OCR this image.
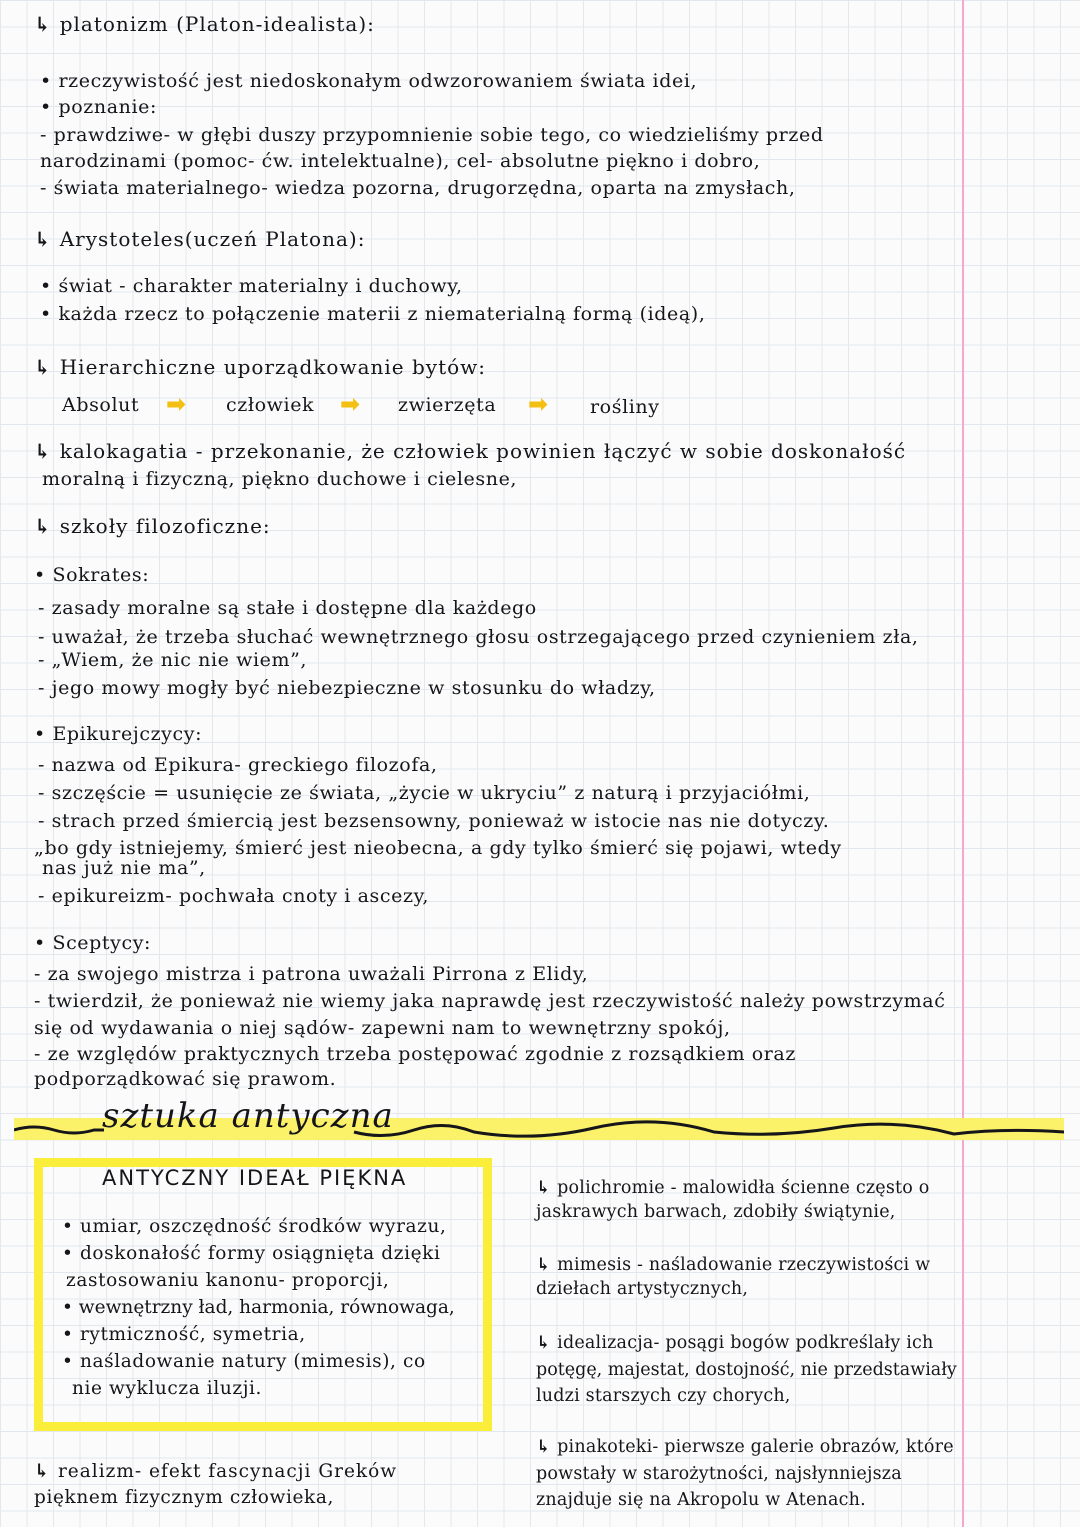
↳ platonizm (Platon-idealista):
• rzeczywistość jest niedoskonałym odwzorowaniem świata idei,
• poznanie:
- prawdziwe- w głębi duszy przypomnienie sobie tego, co wiedzieliśmy przed
narodzinami (pomoc- ćw. intelektualne), cel- absolutne piękno i dobro,
- świata materialnego- wiedza pozorna, drugorzędna, oparta na zmysłach,
↳ Arystoteles(uczeń Platona):
• świat - charakter materialny i duchowy,
• każda rzecz to połączenie materii z niematerialną formą (ideą),
↳ Hierarchiczne uporządkowanie bytów:
Absolut ➡ człowiek ➡ zwierzęta ➡ rośliny
↳ kalokagatia - przekonanie, że człowiek powinien łączyć w sobie doskonałość
moralną i fizyczną, piękno duchowe i cielesne,
↳ szkoły filozoficzne:
• Sokrates:
- zasady moralne są stałe i dostępne dla każdego
- uważał, że trzeba słuchać wewnętrznego głosu ostrzegającego przed czynieniem zła,
- „Wiem, że nic nie wiem”,
- jego mowy mogły być niebezpieczne w stosunku do władzy,
• Epikurejczycy:
- nazwa od Epikura- greckiego filozofa,
- szczęście = usunięcie ze świata, „życie w ukryciu” z naturą i przyjaciółmi,
- strach przed śmiercią jest bezsensowny, ponieważ w istocie nas nie dotyczy.
„bo gdy istniejemy, śmierć jest nieobecna, a gdy tylko śmierć się pojawi, wtedy
nas już nie ma”,
- epikureizm- pochwała cnoty i ascezy,
• Sceptycy:
- za swojego mistrza i patrona uważali Pirrona z Elidy,
- twierdził, że ponieważ nie wiemy jaka naprawdę jest rzeczywistość należy powstrzymać
się od wydawania o niej sądów- zapewni nam to wewnętrzny spokój,
- ze względów praktycznych trzeba postępować zgodnie z rozsądkiem oraz
podporządkować się prawom.
sztuka antyczna
ANTYCZNY IDEAŁ PIĘKNA
• umiar, oszczędność środków wyrazu,
• doskonałość formy osiągnięta dzięki
zastosowaniu kanonu- proporcji,
• wewnętrzny ład, harmonia, równowaga,
• rytmiczność, symetria,
• naśladowanie natury (mimesis), co
nie wyklucza iluzji.
↳ realizm- efekt fascynacji Greków
pięknem fizycznym człowieka,
↳ polichromie - malowidła ścienne często o
jaskrawych barwach, zdobiły świątynie,
↳ mimesis - naśladowanie rzeczywistości w
dziełach artystycznych,
↳ idealizacja- posągi bogów podkreślały ich
potęgę, majestat, dostojność, nie przedstawiały
ludzi starszych czy chorych,
↳ pinakoteki- pierwsze galerie obrazów, które
powstały w starożytności, najsłynniejsza
znajduje się na Akropolu w Atenach.
